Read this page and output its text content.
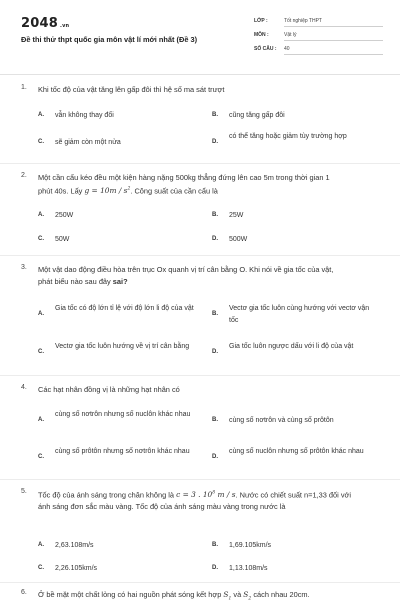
2048 .vn
Đề thi thử thpt quốc gia môn vật lí mới nhất (Đề 3)
LỚP :	Tốt nghiệp THPT
MÔN :	Vật lý
SỐ CÂU :	40
1. Khi tốc độ của vật tăng lên gấp đôi thì hệ số ma sát trượt
A. vẫn không thay đổi	B. cũng tăng gấp đôi
C. sẽ giảm còn một nửa	D.
có thể tăng hoặc giảm tùy trường hợp
2. Một cần cẩu kéo đều một kiện hàng nặng 500kg thẳng đứng lên cao 5m trong thời gian 1 phút 40s. Lấy $g = 10m / s^2$. Công suất của cần cẩu là
A. 250W	B. 25W
C. 50W	D. 500W
3. Một vật dao động điều hòa trên trục Ox quanh vị trí cân bằng O. Khi nói về gia tốc của vật, phát biểu nào sau đây sai?
A.
Gia tốc có độ lớn tỉ lệ với độ lớn li độ của vật
B.
Vectơ gia tốc luôn cùng hướng với vectơ vận tốc
C.
Vectơ gia tốc luôn hướng về vị trí cân bằng
D.
Gia tốc luôn ngược dấu với li độ của vật
4. Các hạt nhân đồng vị là những hạt nhân có
A.
cùng số nơtrôn nhưng số nuclôn khác nhau
B. cùng số nơtrôn và cùng số prôtôn
C.
cùng số prôtôn nhưng số nơtrôn khác nhau
D.
cùng số nuclôn nhưng số prôtôn khác nhau
5. Tốc độ của ánh sáng trong chân không là c = 3 . $10^8$ m / s. Nước có chiết suất n=1,33 đối với ánh sáng đơn sắc màu vàng. Tốc độ của ánh sáng màu vàng trong nước là
A. 2,63.108m/s	B. 1,69.105km/s
C. 2,26.105km/s	D. 1,13.108m/s
6. Ở bề mặt một chất lỏng có hai nguồn phát sóng kết hợp $S_1$ và $S_2$ cách nhau 20cm.
